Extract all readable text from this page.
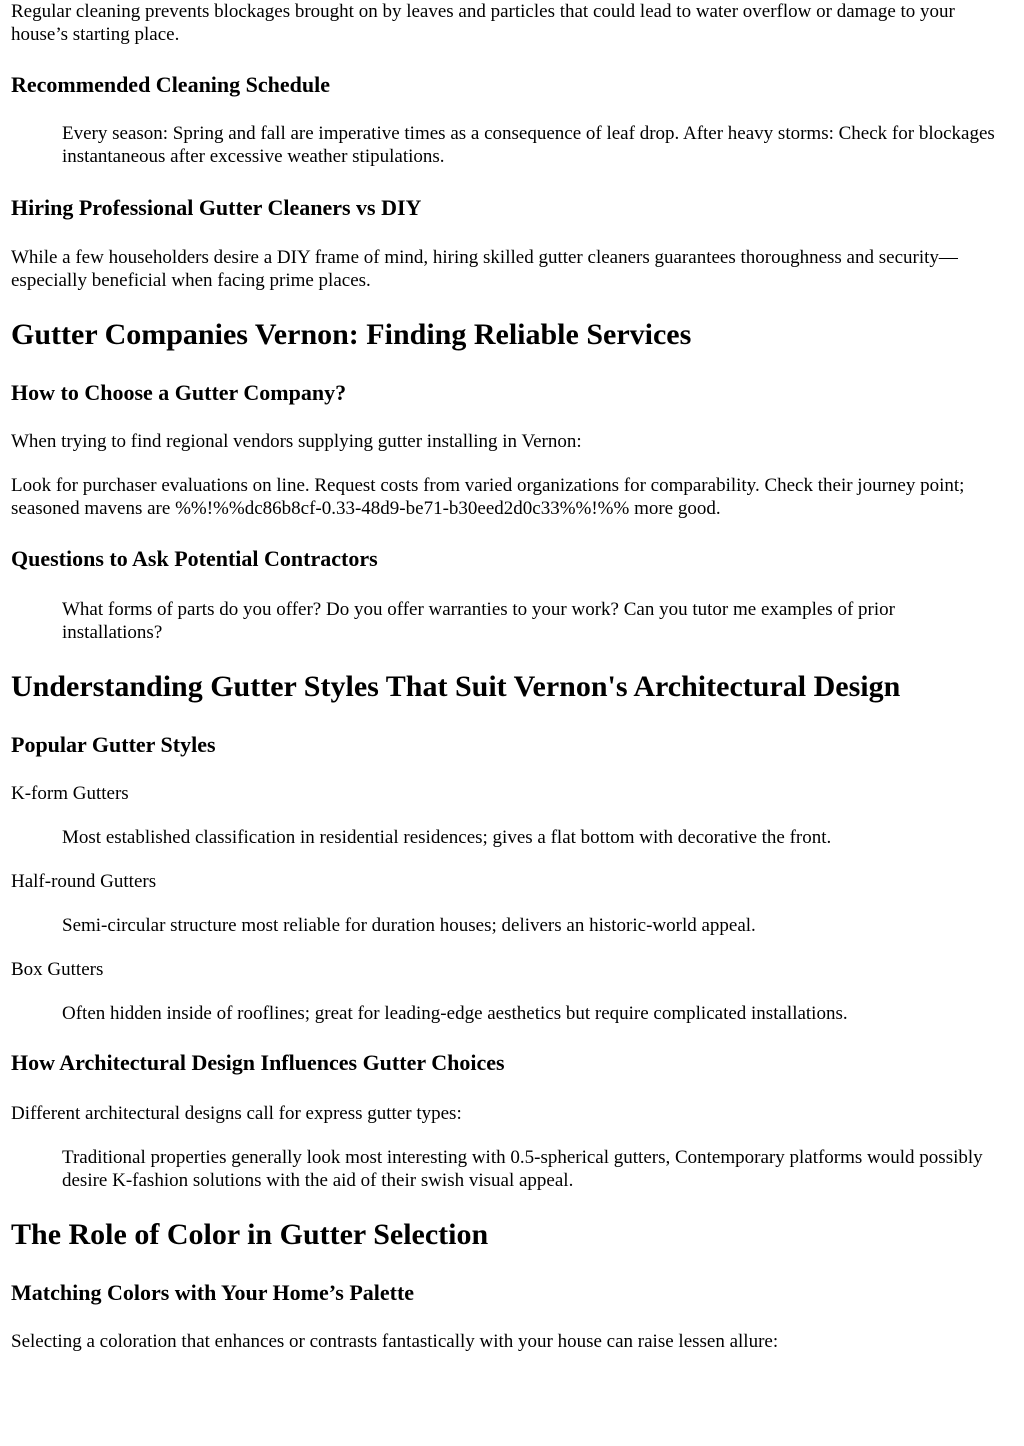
Regular cleaning prevents blockages brought on by leaves and particles that could lead to water overflow or damage to your house’s starting place.

Recommended Cleaning Schedule

Every season: Spring and fall are imperative times as a consequence of leaf drop. After heavy storms: Check for blockages instantaneous after excessive weather stipulations.

Hiring Professional Gutter Cleaners vs DIY

While a few householders desire a DIY frame of mind, hiring skilled gutter cleaners guarantees thoroughness and security—especially beneficial when facing prime places.

Gutter Companies Vernon: Finding Reliable Services
How to Choose a Gutter Company?

When trying to find regional vendors supplying gutter installing in Vernon:

Look for purchaser evaluations on line. Request costs from varied organizations for comparability. Check their journey point; seasoned mavens are %%!%%dc86b8cf-0.33-48d9-be71-b30eed2d0c33%%!%% more good.

Questions to Ask Potential Contractors

What forms of parts do you offer? Do you offer warranties to your work? Can you tutor me examples of prior installations?

Understanding Gutter Styles That Suit Vernon's Architectural Design
Popular Gutter Styles

K-form Gutters

Most established classification in residential residences; gives a flat bottom with decorative the front.

Half-round Gutters

Semi-circular structure most reliable for duration houses; delivers an historic-world appeal.

Box Gutters

Often hidden inside of rooflines; great for leading-edge aesthetics but require complicated installations.

How Architectural Design Influences Gutter Choices

Different architectural designs call for express gutter types:

Traditional properties generally look most interesting with 0.5-spherical gutters, Contemporary platforms would possibly desire K-fashion solutions with the aid of their swish visual appeal.

The Role of Color in Gutter Selection
Matching Colors with Your Home’s Palette

Selecting a coloration that enhances or contrasts fantastically with your house can raise lessen allure:
